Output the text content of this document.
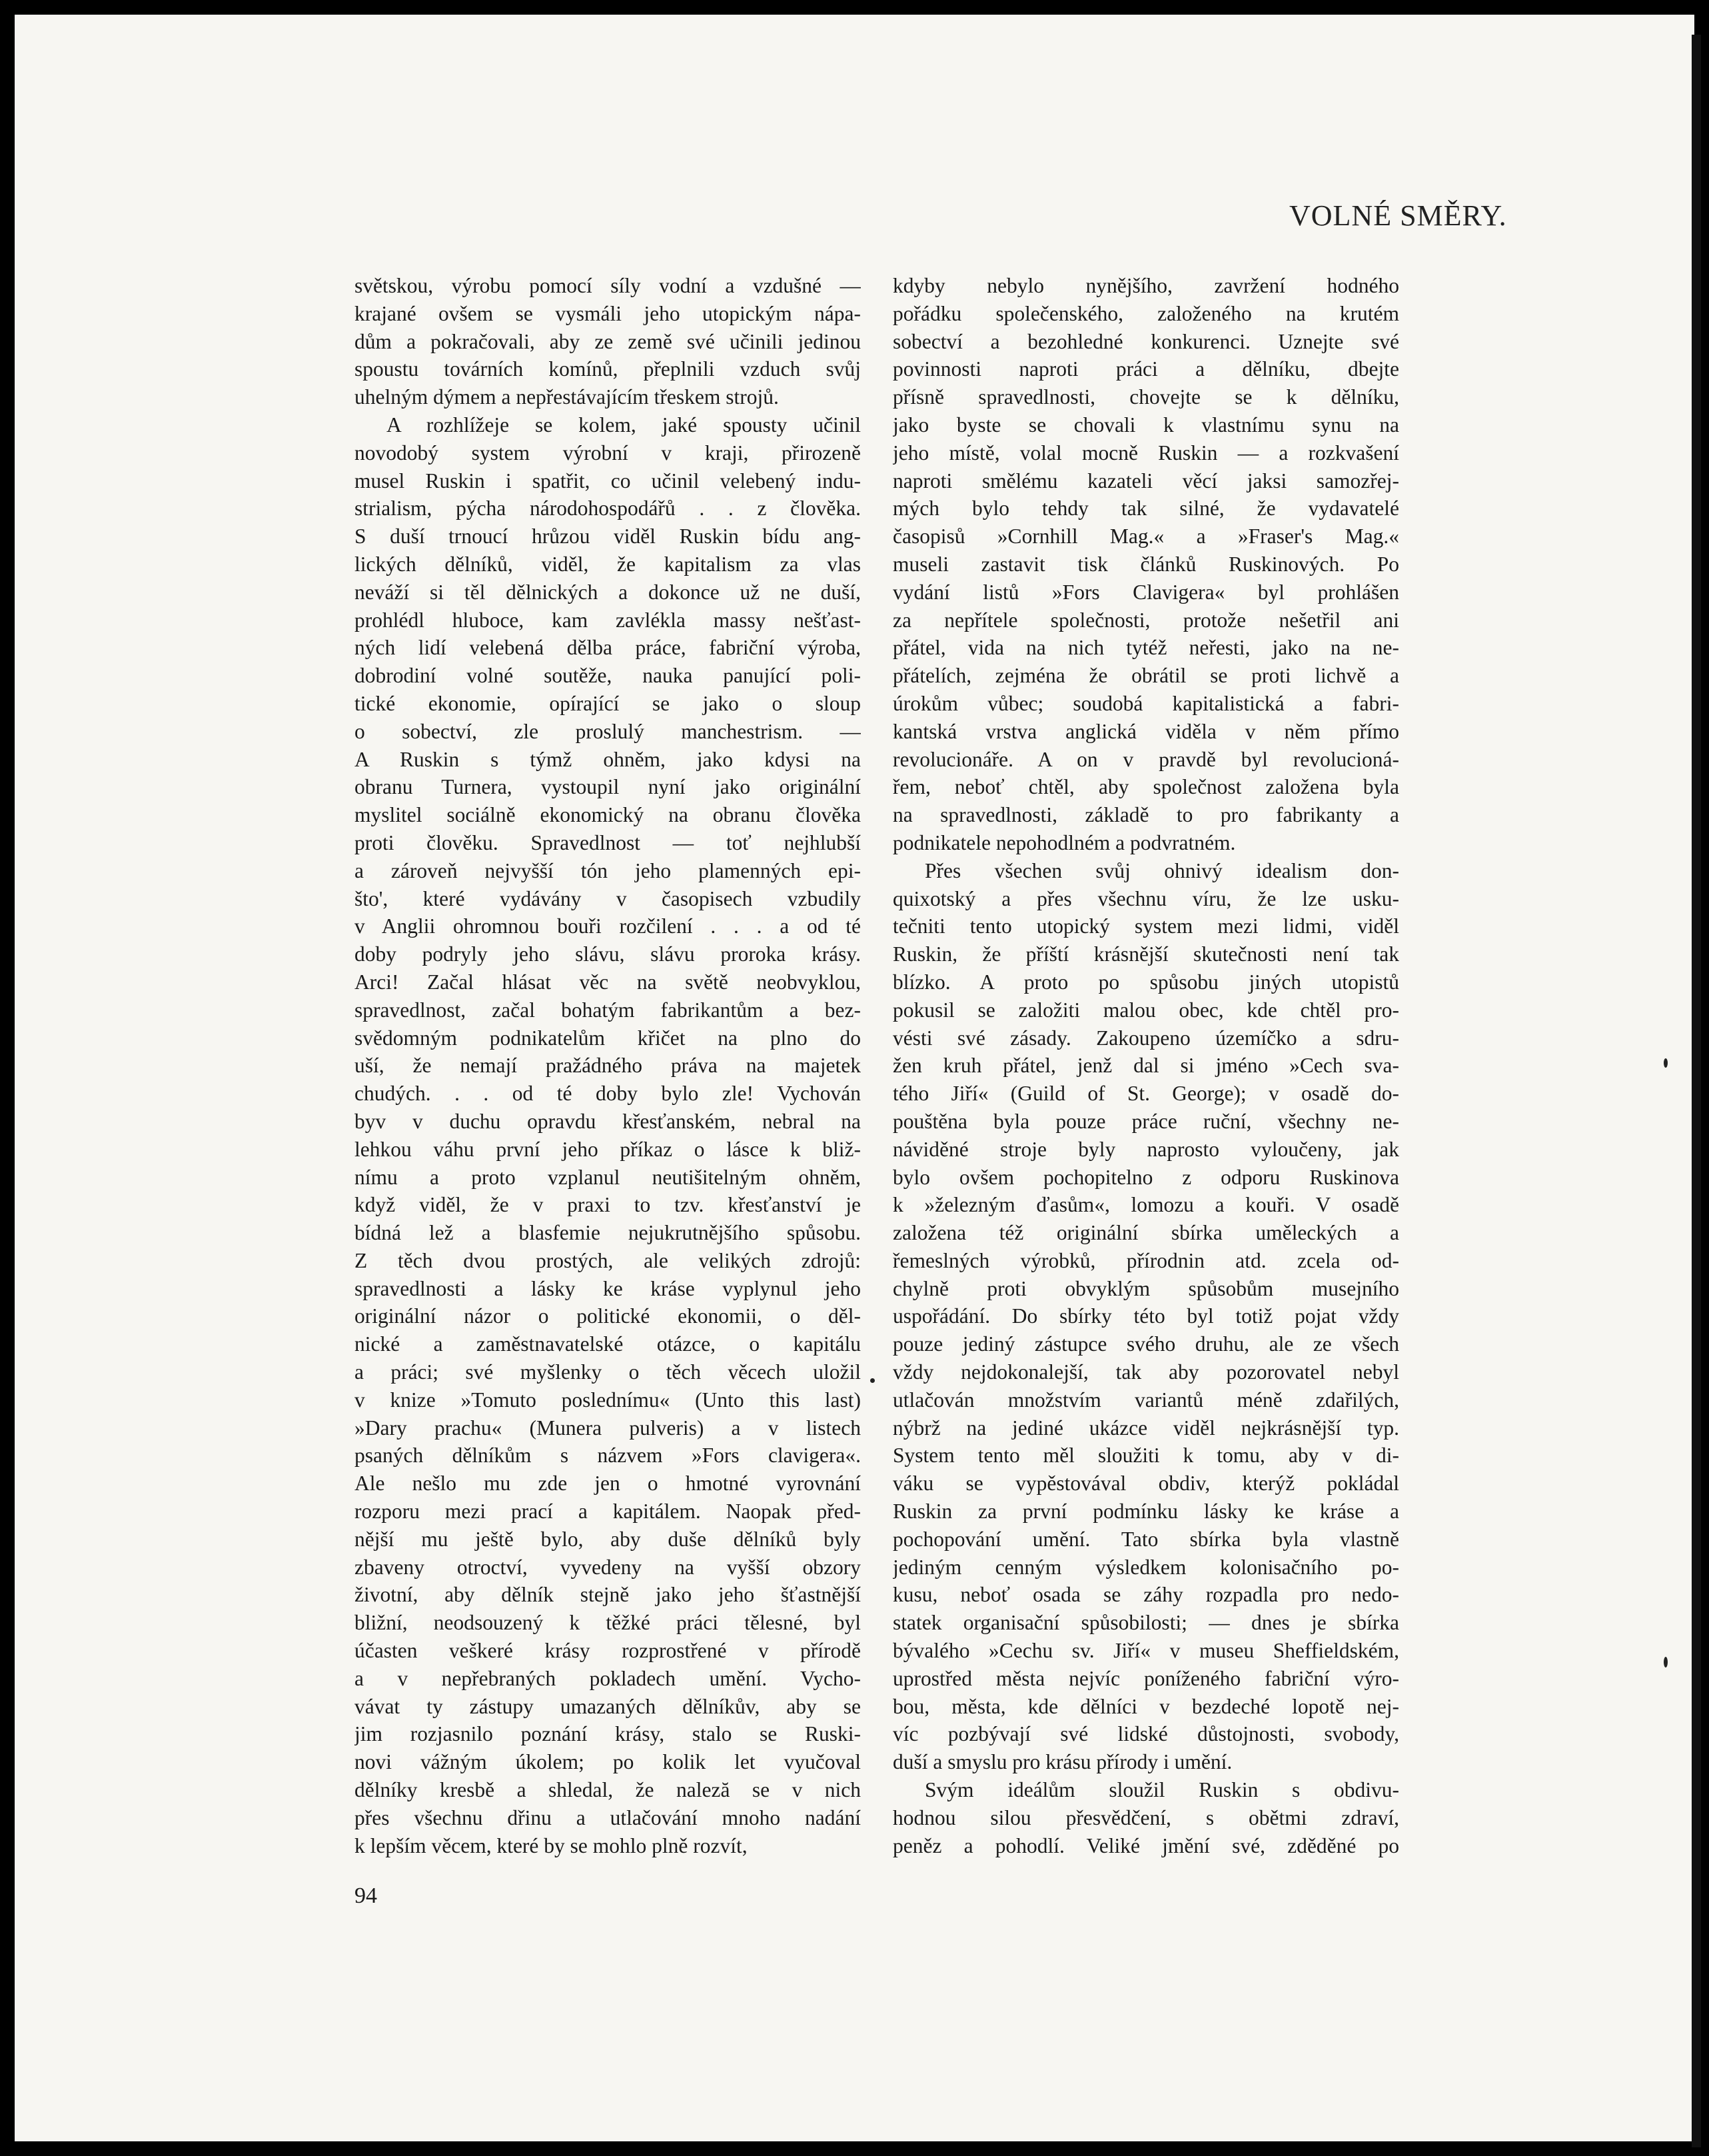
VOLNÉ SMĚRY.
světskou, výrobu pomocí síly vodní a vzdušné —
krajané ovšem se vysmáli jeho utopickým nápa-
dům a pokračovali, aby ze země své učinili jedinou
spoustu továrních komínů, přeplnili vzduch svůj
uhelným dýmem a nepřestávajícím třeskem strojů.
A rozhlížeje se kolem, jaké spousty učinil
novodobý system výrobní v kraji, přirozeně
musel Ruskin i spatřit, co učinil velebený indu-
strialism, pýcha národohospodářů . . z člověka.
S duší trnoucí hrůzou viděl Ruskin bídu ang-
lických dělníků, viděl, že kapitalism za vlas
neváží si těl dělnických a dokonce už ne duší,
prohlédl hluboce, kam zavlékla massy nešťast-
ných lidí velebená dělba práce, fabriční výroba,
dobrodiní volné soutěže, nauka panující poli-
tické ekonomie, opírající se jako o sloup
o sobectví, zle proslulý manchestrism. —
A Ruskin s týmž ohněm, jako kdysi na
obranu Turnera, vystoupil nyní jako originální
myslitel sociálně ekonomický na obranu člověka
proti člověku. Spravedlnost — toť nejhlubší
a zároveň nejvyšší tón jeho plamenných epi-
što', které vydávány v časopisech vzbudily
v Anglii ohromnou bouři rozčilení . . . a od té
doby podryly jeho slávu, slávu proroka krásy.
Arci! Začal hlásat věc na světě neobvyklou,
spravedlnost, začal bohatým fabrikantům a bez-
svědomným podnikatelům křičet na plno do
uší, že nemají pražádného práva na majetek
chudých. . . od té doby bylo zle! Vychován
byv v duchu opravdu křesťanském, nebral na
lehkou váhu první jeho příkaz o lásce k bliž-
nímu a proto vzplanul neutišitelným ohněm,
když viděl, že v praxi to tzv. křesťanství je
bídná lež a blasfemie nejukrutnějšího spůsobu.
Z těch dvou prostých, ale velikých zdrojů:
spravedlnosti a lásky ke kráse vyplynul jeho
originální názor o politické ekonomii, o děl-
nické a zaměstnavatelské otázce, o kapitálu
a práci; své myšlenky o těch věcech uložil
v knize »Tomuto poslednímu« (Unto this last)
»Dary prachu« (Munera pulveris) a v listech
psaných dělníkům s názvem »Fors clavigera«.
Ale nešlo mu zde jen o hmotné vyrovnání
rozporu mezi prací a kapitálem. Naopak před-
nější mu ještě bylo, aby duše dělníků byly
zbaveny otroctví, vyvedeny na vyšší obzory
životní, aby dělník stejně jako jeho šťastnější
bližní, neodsouzený k těžké práci tělesné, byl
účasten veškeré krásy rozprostřené v přírodě
a v nepřebraných pokladech umění. Vycho-
vávat ty zástupy umazaných dělníkův, aby se
jim rozjasnilo poznání krásy, stalo se Ruski-
novi vážným úkolem; po kolik let vyučoval
dělníky kresbě a shledal, že naleză se v nich
přes všechnu dřinu a utlačování mnoho nadání
k lepším věcem, které by se mohlo plně rozvít,
kdyby nebylo nynějšího, zavržení hodného
pořádku společenského, založeného na krutém
sobectví a bezohledné konkurenci. Uznejte své
povinnosti naproti práci a dělníku, dbejte
přísně spravedlnosti, chovejte se k dělníku,
jako byste se chovali k vlastnímu synu na
jeho místě, volal mocně Ruskin — a rozkvašení
naproti smělému kazateli věcí jaksi samozřej-
mých bylo tehdy tak silné, že vydavatelé
časopisů »Cornhill Mag.« a »Fraser's Mag.«
museli zastavit tisk článků Ruskinových. Po
vydání listů »Fors Clavigera« byl prohlášen
za nepřítele společnosti, protože nešetřil ani
přátel, vida na nich tytéž neřesti, jako na ne-
přátelích, zejména že obrátil se proti lichvě a
úrokům vůbec; soudobá kapitalistická a fabri-
kantská vrstva anglická viděla v něm přímo
revolucionáře. A on v pravdě byl revolucioná-
řem, neboť chtěl, aby společnost založena byla
na spravedlnosti, základě to pro fabrikanty a
podnikatele nepohodlném a podvratném.
Přes všechen svůj ohnivý idealism don-
quixotský a přes všechnu víru, že lze usku-
tečniti tento utopický system mezi lidmi, viděl
Ruskin, že příští krásnější skutečnosti není tak
blízko. A proto po spůsobu jiných utopistů
pokusil se založiti malou obec, kde chtěl pro-
vésti své zásady. Zakoupeno územíčko a sdru-
žen kruh přátel, jenž dal si jméno »Cech sva-
tého Jiří« (Guild of St. George); v osadě do-
pouštěna byla pouze práce ruční, všechny ne-
náviděné stroje byly naprosto vyloučeny, jak
bylo ovšem pochopitelno z odporu Ruskinova
k »železným ďasům«, lomozu a kouři. V osadě
založena též originální sbírka uměleckých a
řemeslných výrobků, přírodnin atd. zcela od-
chylně proti obvyklým spůsobům musejního
uspořádání. Do sbírky této byl totiž pojat vždy
pouze jediný zástupce svého druhu, ale ze všech
vždy nejdokonalejší, tak aby pozorovatel nebyl
utlačován množstvím variantů méně zdařilých,
nýbrž na jediné ukázce viděl nejkrásnější typ.
System tento měl sloužiti k tomu, aby v di-
váku se vypěstovával obdiv, kterýž pokládal
Ruskin za první podmínku lásky ke kráse a
pochopování umění. Tato sbírka byla vlastně
jediným cenným výsledkem kolonisačního po-
kusu, neboť osada se záhy rozpadla pro nedo-
statek organisační spůsobilosti; — dnes je sbírka
bývalého »Cechu sv. Jiří« v museu Sheffieldském,
uprostřed města nejvíc poníženého fabriční výro-
bou, města, kde dělníci v bezdeché lopotě nej-
víc pozbývají své lidské důstojnosti, svobody,
duší a smyslu pro krásu přírody i umění.
Svým ideálům sloužil Ruskin s obdivu-
hodnou silou přesvědčení, s obětmi zdraví,
peněz a pohodlí. Veliké jmění své, zděděné po
94
